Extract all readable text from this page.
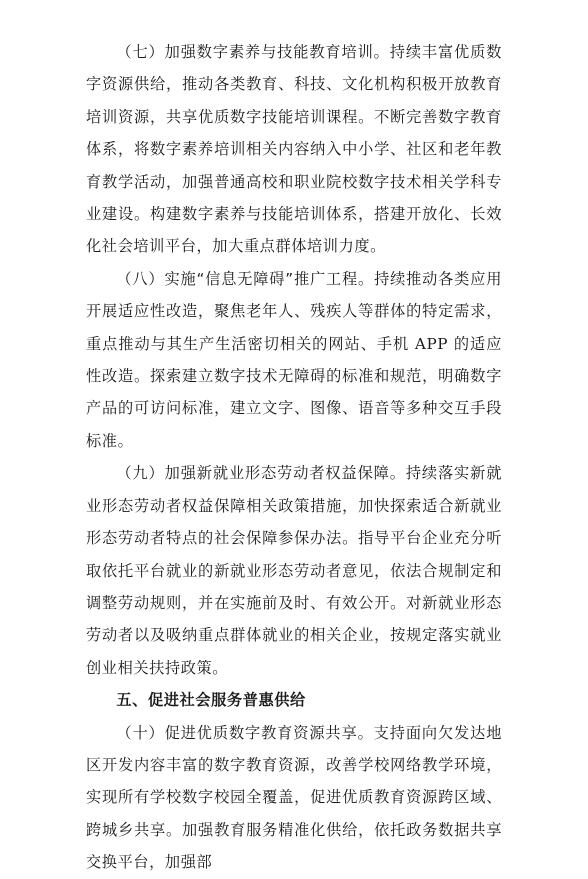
（七）加强数字素养与技能教育培训。持续丰富优质数字资源供给，推动各类教育、科技、文化机构积极开放教育培训资源，共享优质数字技能培训课程。不断完善数字教育体系，将数字素养培训相关内容纳入中小学、社区和老年教育教学活动，加强普通高校和职业院校数字技术相关学科专业建设。构建数字素养与技能培训体系，搭建开放化、长效化社会培训平台，加大重点群体培训力度。

（八）实施“信息无障碍”推广工程。持续推动各类应用开展适应性改造，聚焦老年人、残疾人等群体的特定需求，重点推动与其生产生活密切相关的网站、手机 APP 的适应性改造。探索建立数字技术无障碍的标准和规范，明确数字产品的可访问标准，建立文字、图像、语音等多种交互手段标准。

（九）加强新就业形态劳动者权益保障。持续落实新就业形态劳动者权益保障相关政策措施，加快探索适合新就业形态劳动者特点的社会保障参保办法。指导平台企业充分听取依托平台就业的新就业形态劳动者意见，依法合规制定和调整劳动规则，并在实施前及时、有效公开。对新就业形态劳动者以及吸纳重点群体就业的相关企业，按规定落实就业创业相关扶持政策。

五、促进社会服务普惠供给

（十）促进优质数字教育资源共享。支持面向欠发达地区开发内容丰富的数字教育资源，改善学校网络教学环境，实现所有学校数字校园全覆盖，促进优质教育资源跨区域、跨城乡共享。加强教育服务精准化供给，依托政务数据共享交换平台，加强部
